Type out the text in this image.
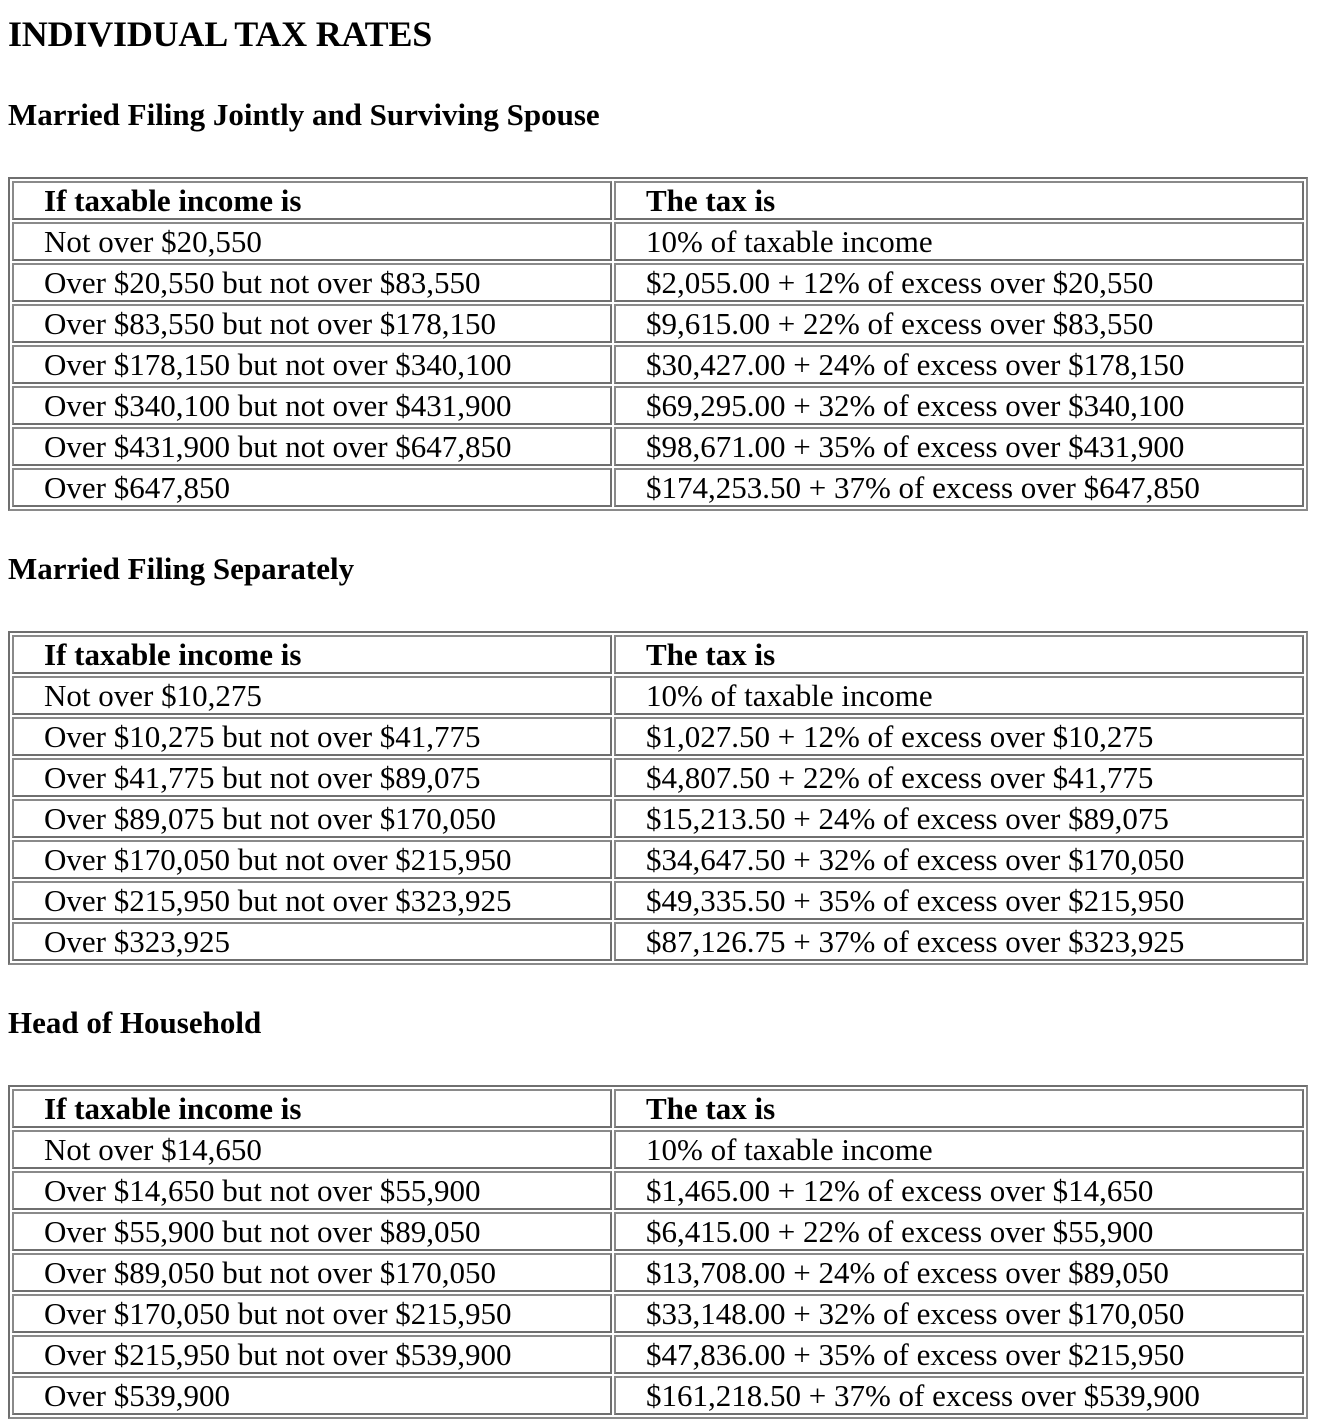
INDIVIDUAL TAX RATES
Married Filing Jointly and Surviving Spouse
If taxable income is	The tax is
Not over $20,550	10% of taxable income
Over $20,550 but not over $83,550	$2,055.00 + 12% of excess over $20,550
Over $83,550 but not over $178,150	$9,615.00 + 22% of excess over $83,550
Over $178,150 but not over $340,100	$30,427.00 + 24% of excess over $178,150
Over $340,100 but not over $431,900	$69,295.00 + 32% of excess over $340,100
Over $431,900 but not over $647,850	$98,671.00 + 35% of excess over $431,900
Over $647,850	$174,253.50 + 37% of excess over $647,850
Married Filing Separately
If taxable income is	The tax is
Not over $10,275	10% of taxable income
Over $10,275 but not over $41,775	$1,027.50 + 12% of excess over $10,275
Over $41,775 but not over $89,075	$4,807.50 + 22% of excess over $41,775
Over $89,075 but not over $170,050	$15,213.50 + 24% of excess over $89,075
Over $170,050 but not over $215,950	$34,647.50 + 32% of excess over $170,050
Over $215,950 but not over $323,925	$49,335.50 + 35% of excess over $215,950
Over $323,925	$87,126.75 + 37% of excess over $323,925
Head of Household
If taxable income is	The tax is
Not over $14,650	10% of taxable income
Over $14,650 but not over $55,900	$1,465.00 + 12% of excess over $14,650
Over $55,900 but not over $89,050	$6,415.00 + 22% of excess over $55,900
Over $89,050 but not over $170,050	$13,708.00 + 24% of excess over $89,050
Over $170,050 but not over $215,950	$33,148.00 + 32% of excess over $170,050
Over $215,950 but not over $539,900	$47,836.00 + 35% of excess over $215,950
Over $539,900	$161,218.50 + 37% of excess over $539,900
